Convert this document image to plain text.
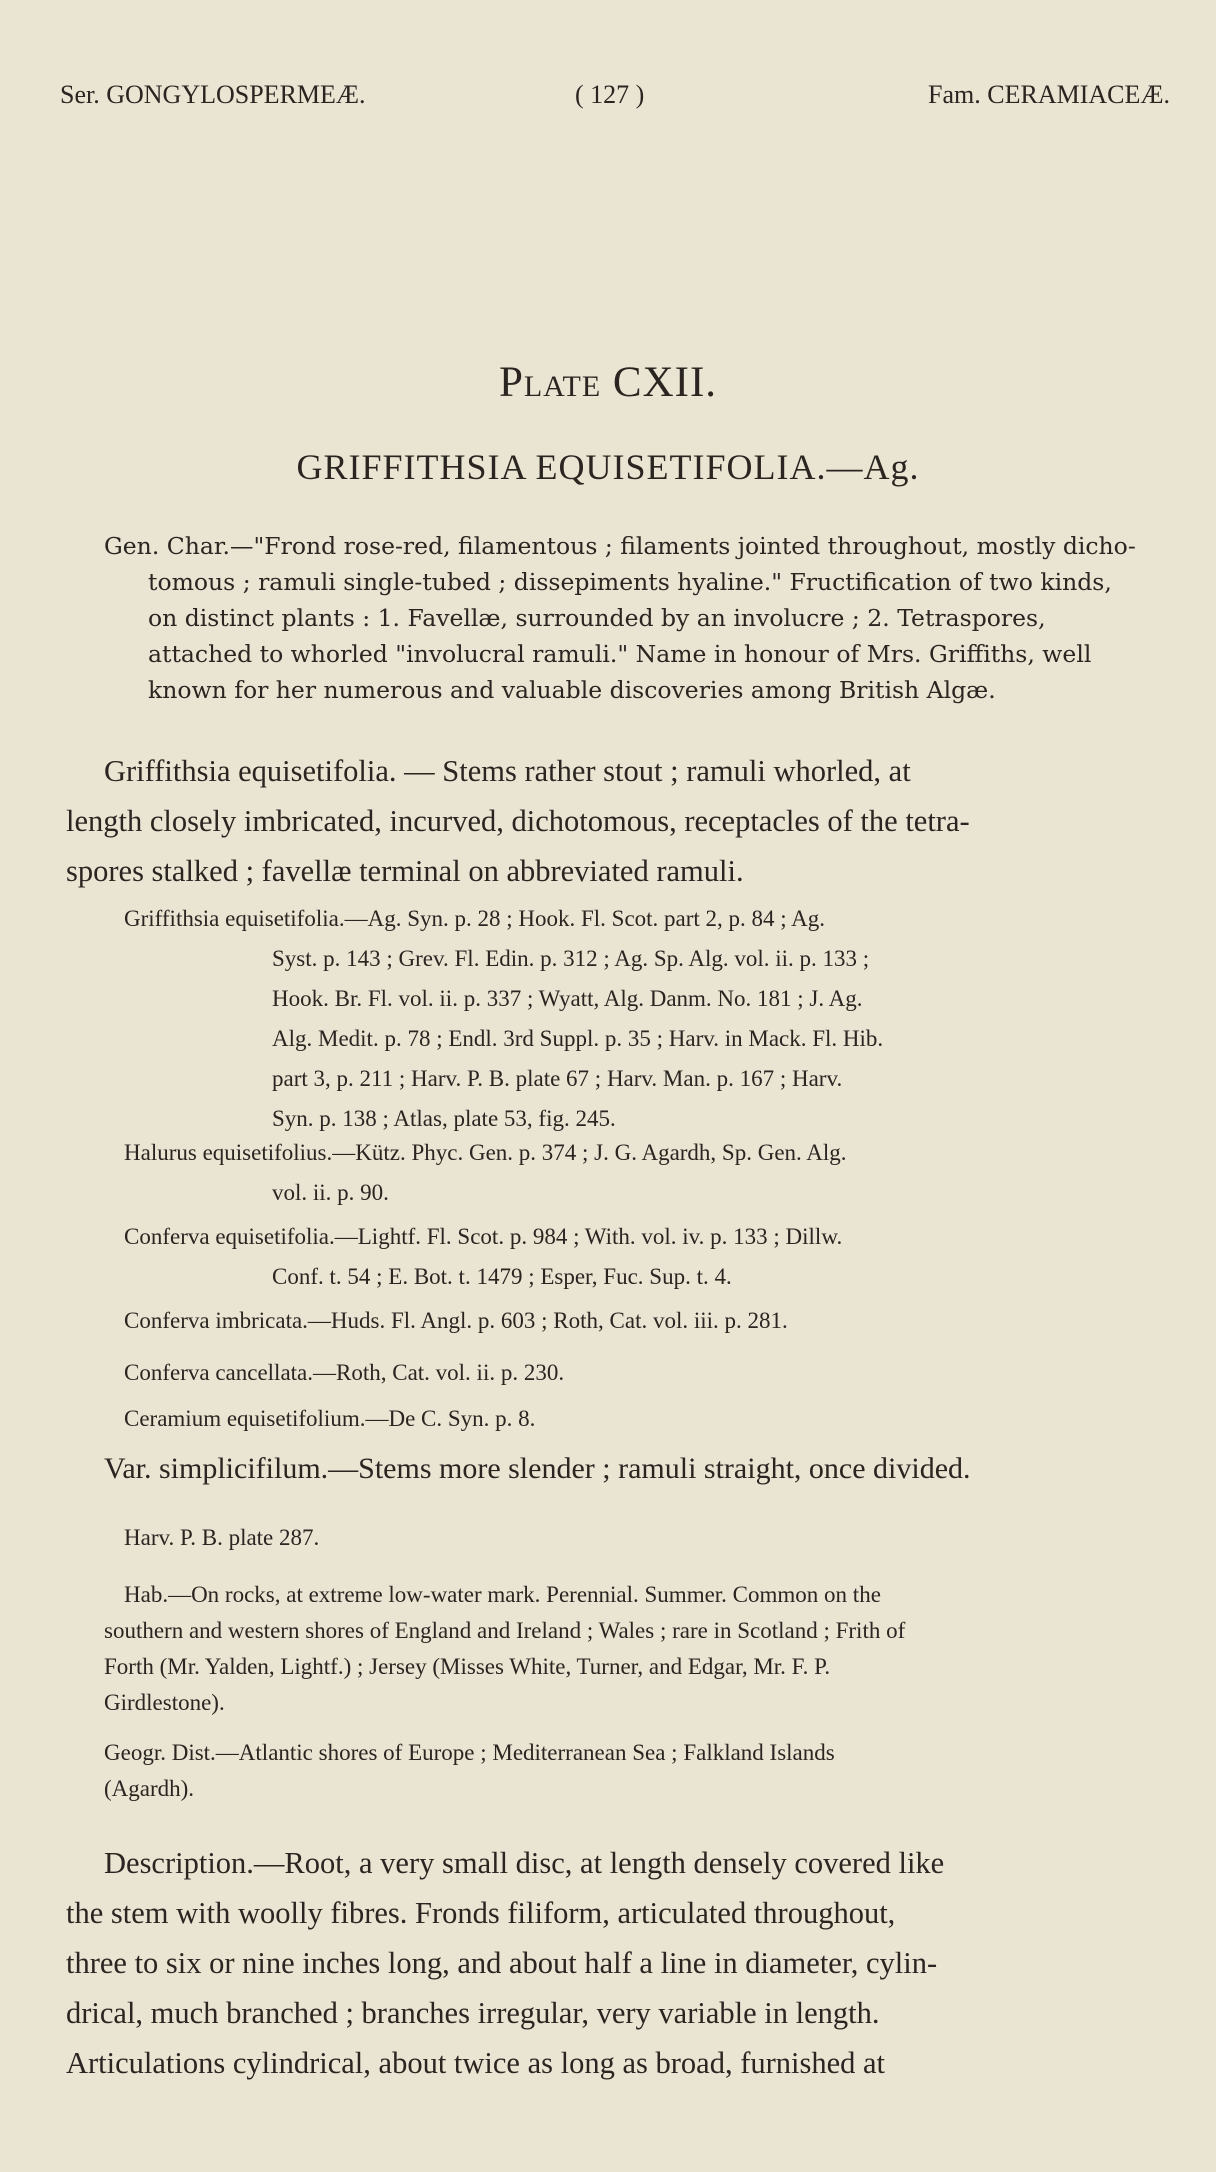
Ser. GONGYLOSPERMEÆ.	( 127 )	Fam. CERAMIACEÆ.
Plate CXII.
GRIFFITHSIA EQUISETIFOLIA.—Ag.
Gen. Char.—"Frond rose-red, filamentous ; filaments jointed throughout, mostly dicho-
tomous ; ramuli single-tubed ; dissepiments hyaline." Fructification of two kinds,
on distinct plants : 1. Favellæ, surrounded by an involucre ; 2. Tetraspores,
attached to whorled "involucral ramuli." Name in honour of Mrs. Griffiths, well
known for her numerous and valuable discoveries among British Algæ.
Griffithsia equisetifolia. — Stems rather stout ; ramuli whorled, at
length closely imbricated, incurved, dichotomous, receptacles of the tetra-
spores stalked ; favellæ terminal on abbreviated ramuli.
Griffithsia equisetifolia.—Ag. Syn. p. 28 ; Hook. Fl. Scot. part 2, p. 84 ; Ag.
Syst. p. 143 ; Grev. Fl. Edin. p. 312 ; Ag. Sp. Alg. vol. ii. p. 133 ;
Hook. Br. Fl. vol. ii. p. 337 ; Wyatt, Alg. Danm. No. 181 ; J. Ag.
Alg. Medit. p. 78 ; Endl. 3rd Suppl. p. 35 ; Harv. in Mack. Fl. Hib.
part 3, p. 211 ; Harv. P. B. plate 67 ; Harv. Man. p. 167 ; Harv.
Syn. p. 138 ; Atlas, plate 53, fig. 245.
Halurus equisetifolius.—Kütz. Phyc. Gen. p. 374 ; J. G. Agardh, Sp. Gen. Alg.
vol. ii. p. 90.
Conferva equisetifolia.—Lightf. Fl. Scot. p. 984 ; With. vol. iv. p. 133 ; Dillw.
Conf. t. 54 ; E. Bot. t. 1479 ; Esper, Fuc. Sup. t. 4.
Conferva imbricata.—Huds. Fl. Angl. p. 603 ; Roth, Cat. vol. iii. p. 281.
Conferva cancellata.—Roth, Cat. vol. ii. p. 230.
Ceramium equisetifolium.—De C. Syn. p. 8.
Var. simplicifilum.—Stems more slender ; ramuli straight, once divided.
Harv. P. B. plate 287.
Hab.—On rocks, at extreme low-water mark. Perennial. Summer. Common on the
southern and western shores of England and Ireland ; Wales ; rare in Scotland ; Frith of
Forth (Mr. Yalden, Lightf.) ; Jersey (Misses White, Turner, and Edgar, Mr. F. P.
Girdlestone).
Geogr. Dist.—Atlantic shores of Europe ; Mediterranean Sea ; Falkland Islands
(Agardh).
Description.—Root, a very small disc, at length densely covered like
the stem with woolly fibres. Fronds filiform, articulated throughout,
three to six or nine inches long, and about half a line in diameter, cylin-
drical, much branched ; branches irregular, very variable in length.
Articulations cylindrical, about twice as long as broad, furnished at
